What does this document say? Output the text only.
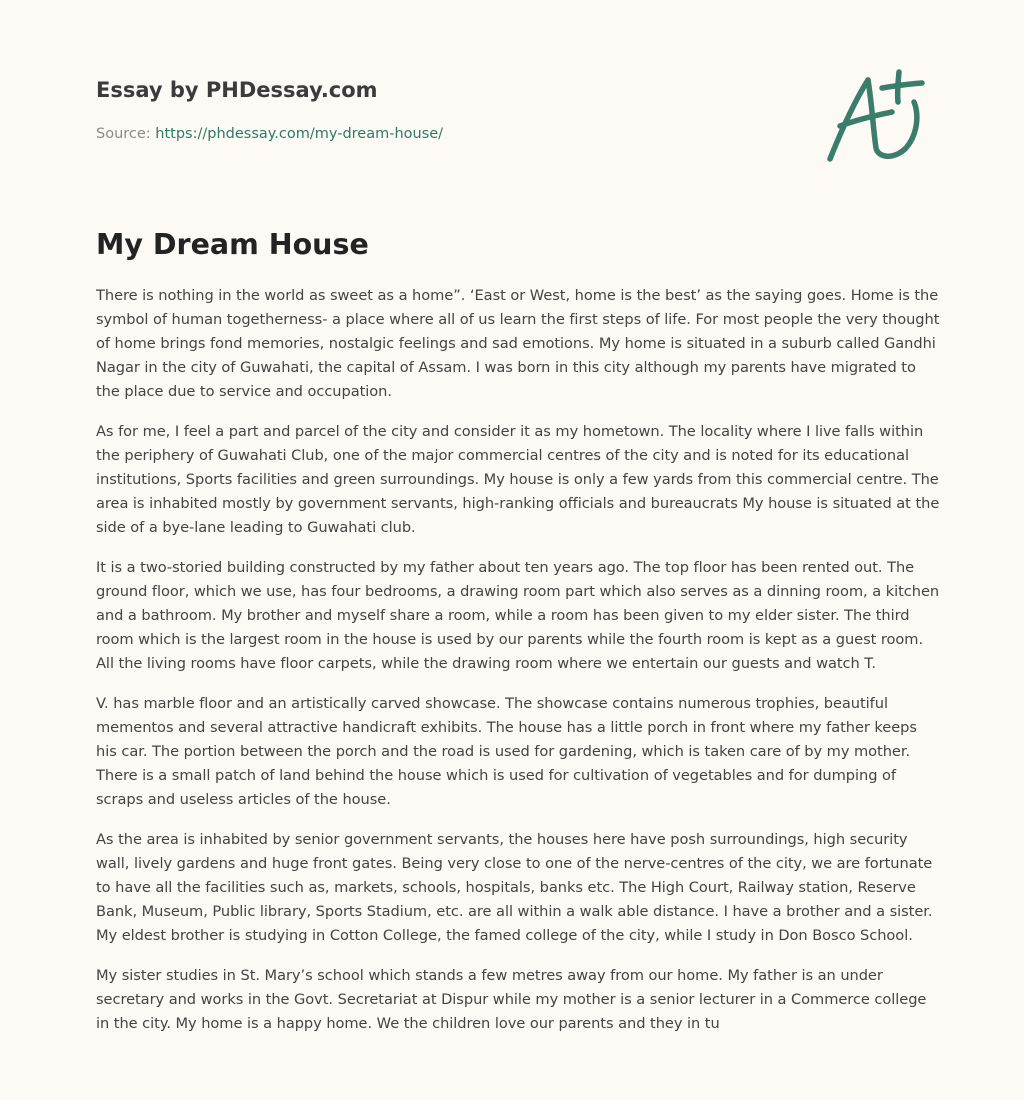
Essay by PHDessay.com
Source: https://phdessay.com/my-dream-house/
My Dream House

There is nothing in the world as sweet as a home”. ‘East or West, home is the best’ as the saying goes. Home is the symbol of human togetherness- a place where all of us learn the first steps of life. For most people the very thought of home brings fond memories, nostalgic feelings and sad emotions. My home is situated in a suburb called Gandhi Nagar in the city of Guwahati, the capital of Assam. I was born in this city although my parents have migrated to the place due to service and occupation.

As for me, I feel a part and parcel of the city and consider it as my hometown. The locality where I live falls within the periphery of Guwahati Club, one of the major commercial centres of the city and is noted for its educational institutions, Sports facilities and green surroundings. My house is only a few yards from this commercial centre. The area is inhabited mostly by government servants, high-ranking officials and bureaucrats My house is situated at the side of a bye-lane leading to Guwahati club.

It is a two-storied building constructed by my father about ten years ago. The top floor has been rented out. The ground floor, which we use, has four bedrooms, a drawing room part which also serves as a dinning room, a kitchen and a bathroom. My brother and myself share a room, while a room has been given to my elder sister. The third room which is the largest room in the house is used by our parents while the fourth room is kept as a guest room. All the living rooms have floor carpets, while the drawing room where we entertain our guests and watch T.

V. has marble floor and an artistically carved showcase. The showcase contains numerous trophies, beautiful mementos and several attractive handicraft exhibits. The house has a little porch in front where my father keeps his car. The portion between the porch and the road is used for gardening, which is taken care of by my mother. There is a small patch of land behind the house which is used for cultivation of vegetables and for dumping of scraps and useless articles of the house.

As the area is inhabited by senior government servants, the houses here have posh surroundings, high security wall, lively gardens and huge front gates. Being very close to one of the nerve-centres of the city, we are fortunate to have all the facilities such as, markets, schools, hospitals, banks etc. The High Court, Railway station, Reserve Bank, Museum, Public library, Sports Stadium, etc. are all within a walk able distance. I have a brother and a sister. My eldest brother is studying in Cotton College, the famed college of the city, while I study in Don Bosco School.

My sister studies in St. Mary’s school which stands a few metres away from our home. My father is an under secretary and works in the Govt. Secretariat at Dispur while my mother is a senior lecturer in a Commerce college in the city. My home is a happy home. We the children love our parents and they in tu
